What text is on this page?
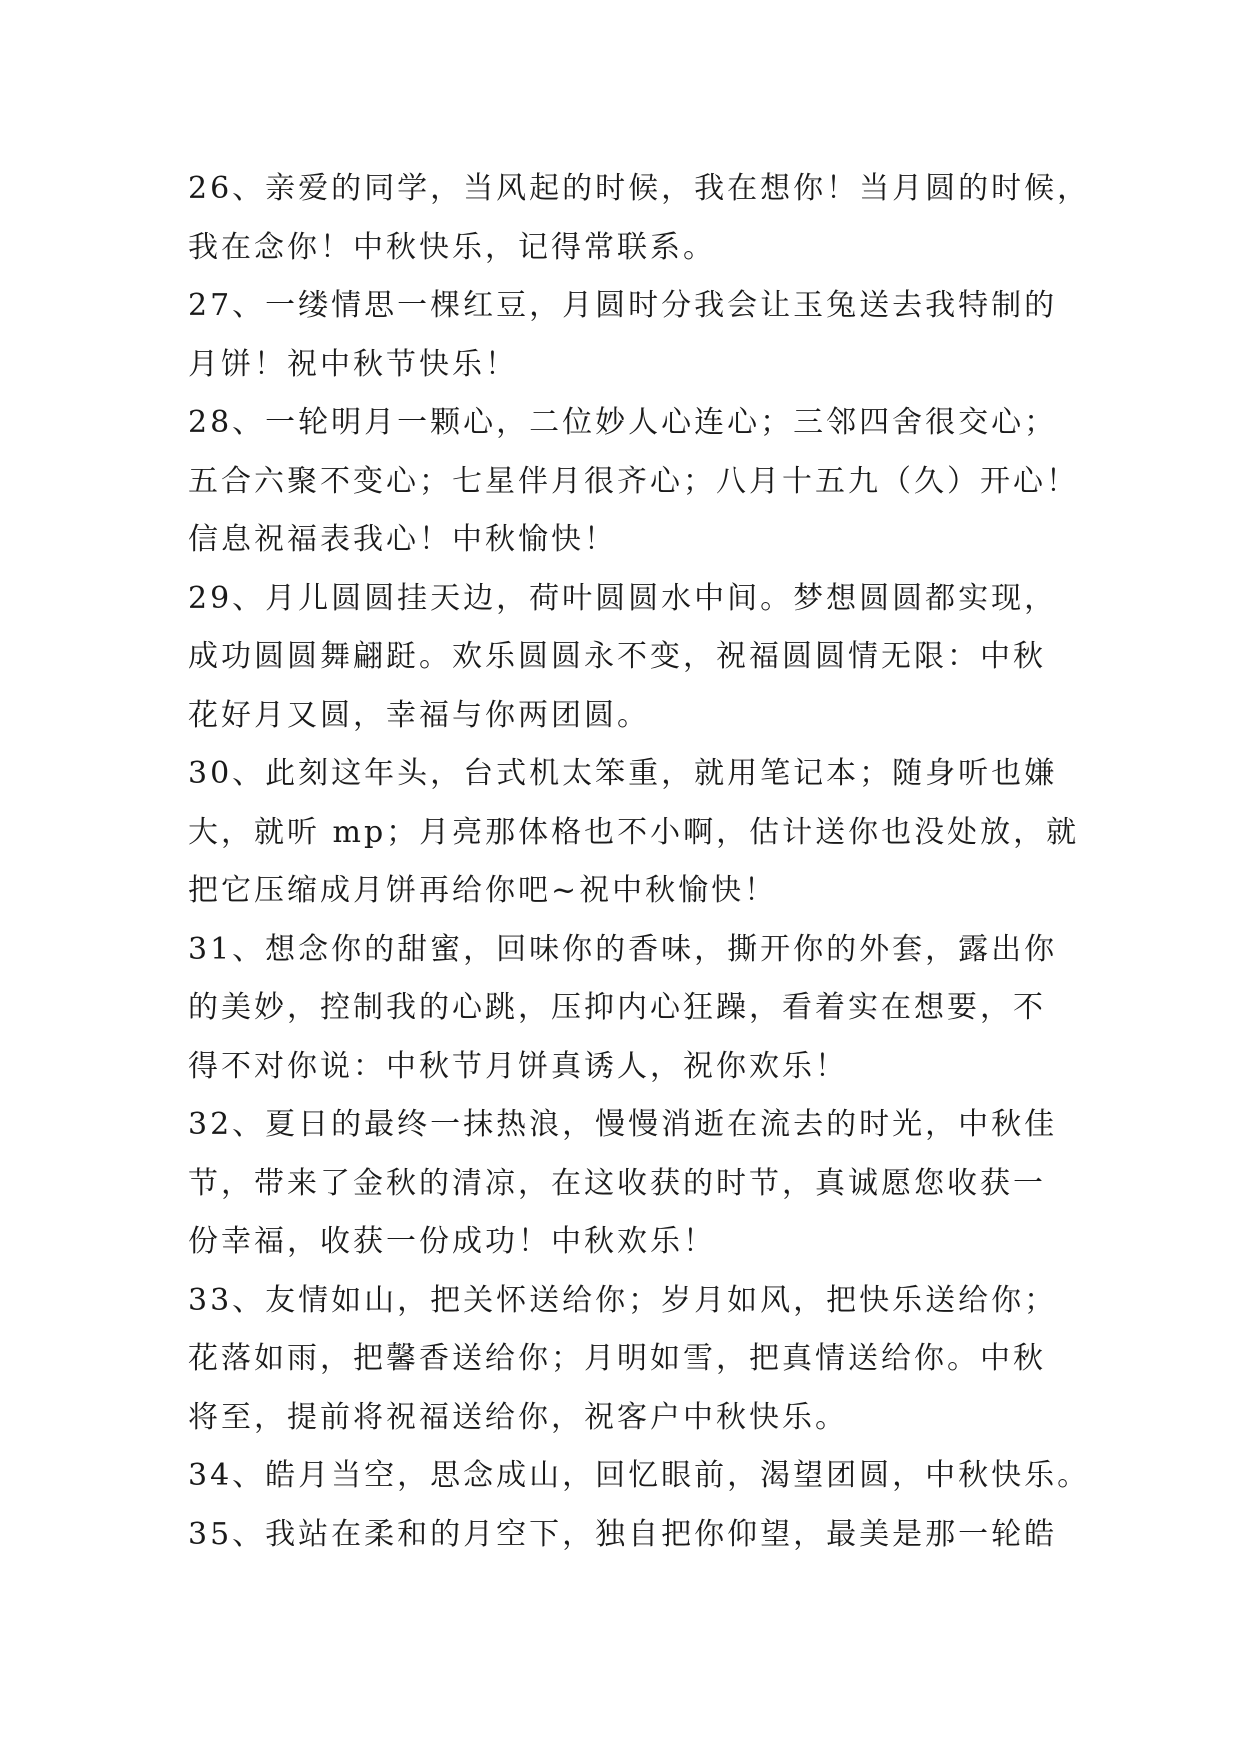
26、亲爱的同学，当风起的时候，我在想你！当月圆的时候，
我在念你！中秋快乐，记得常联系。
27、一缕情思一棵红豆，月圆时分我会让玉兔送去我特制的
月饼！祝中秋节快乐！
28、一轮明月一颗心，二位妙人心连心；三邻四舍很交心；
五合六聚不变心；七星伴月很齐心；八月十五九（久）开心！
信息祝福表我心！中秋愉快！
29、月儿圆圆挂天边，荷叶圆圆水中间。梦想圆圆都实现，
成功圆圆舞翩跹。欢乐圆圆永不变，祝福圆圆情无限：中秋
花好月又圆，幸福与你两团圆。
30、此刻这年头，台式机太笨重，就用笔记本；随身听也嫌
大，就听 mp；月亮那体格也不小啊，估计送你也没处放，就
把它压缩成月饼再给你吧~祝中秋愉快！
31、想念你的甜蜜，回味你的香味，撕开你的外套，露出你
的美妙，控制我的心跳，压抑内心狂躁，看着实在想要，不
得不对你说：中秋节月饼真诱人，祝你欢乐！
32、夏日的最终一抹热浪，慢慢消逝在流去的时光，中秋佳
节，带来了金秋的清凉，在这收获的时节，真诚愿您收获一
份幸福，收获一份成功！中秋欢乐！
33、友情如山，把关怀送给你；岁月如风，把快乐送给你；
花落如雨，把馨香送给你；月明如雪，把真情送给你。中秋
将至，提前将祝福送给你，祝客户中秋快乐。
34、皓月当空，思念成山，回忆眼前，渴望团圆，中秋快乐。
35、我站在柔和的月空下，独自把你仰望，最美是那一轮皓
